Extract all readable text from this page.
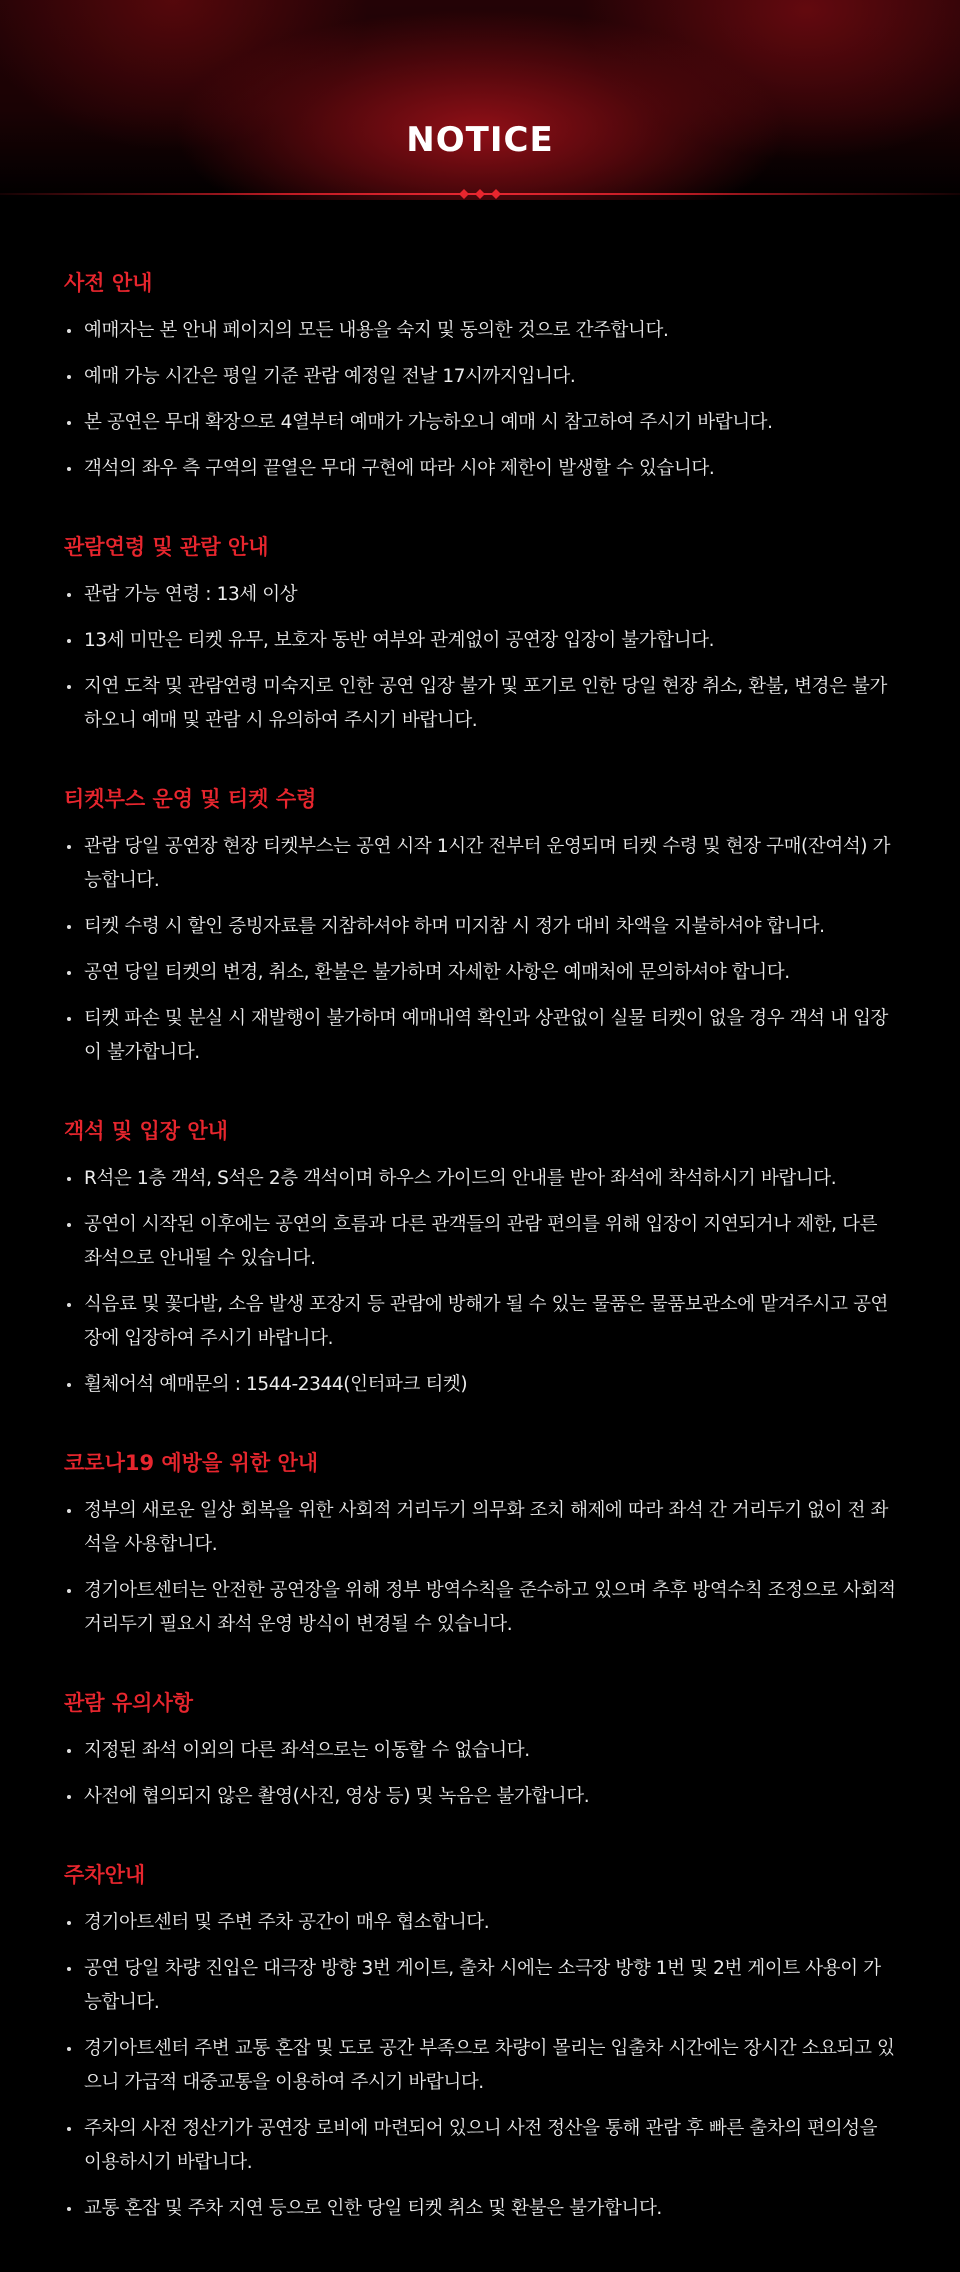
NOTICE
사전 안내
예매자는 본 안내 페이지의 모든 내용을 숙지 및 동의한 것으로 간주합니다.
예매 가능 시간은 평일 기준 관람 예정일 전날 17시까지입니다.
본 공연은 무대 확장으로 4열부터 예매가 가능하오니 예매 시 참고하여 주시기 바랍니다.
객석의 좌우 측 구역의 끝열은 무대 구현에 따라 시야 제한이 발생할 수 있습니다.
관람연령 및 관람 안내
관람 가능 연령 : 13세 이상
13세 미만은 티켓 유무, 보호자 동반 여부와 관계없이 공연장 입장이 불가합니다.
지연 도착 및 관람연령 미숙지로 인한 공연 입장 불가 및 포기로 인한 당일 현장 취소, 환불, 변경은 불가하오니 예매 및 관람 시 유의하여 주시기 바랍니다.
티켓부스 운영 및 티켓 수령
관람 당일 공연장 현장 티켓부스는 공연 시작 1시간 전부터 운영되며 티켓 수령 및 현장 구매(잔여석) 가능합니다.
티켓 수령 시 할인 증빙자료를 지참하셔야 하며 미지참 시 정가 대비 차액을 지불하셔야 합니다.
공연 당일 티켓의 변경, 취소, 환불은 불가하며 자세한 사항은 예매처에 문의하셔야 합니다.
티켓 파손 및 분실 시 재발행이 불가하며 예매내역 확인과 상관없이 실물 티켓이 없을 경우 객석 내 입장이 불가합니다.
객석 및 입장 안내
R석은 1층 객석, S석은 2층 객석이며 하우스 가이드의 안내를 받아 좌석에 착석하시기 바랍니다.
공연이 시작된 이후에는 공연의 흐름과 다른 관객들의 관람 편의를 위해 입장이 지연되거나 제한, 다른 좌석으로 안내될 수 있습니다.
식음료 및 꽃다발, 소음 발생 포장지 등 관람에 방해가 될 수 있는 물품은 물품보관소에 맡겨주시고 공연장에 입장하여 주시기 바랍니다.
휠체어석 예매문의 : 1544-2344(인터파크 티켓)
코로나19 예방을 위한 안내
정부의 새로운 일상 회복을 위한 사회적 거리두기 의무화 조치 해제에 따라 좌석 간 거리두기 없이 전 좌석을 사용합니다.
경기아트센터는 안전한 공연장을 위해 정부 방역수칙을 준수하고 있으며 추후 방역수칙 조정으로 사회적 거리두기 필요시 좌석 운영 방식이 변경될 수 있습니다.
관람 유의사항
지정된 좌석 이외의 다른 좌석으로는 이동할 수 없습니다.
사전에 협의되지 않은 촬영(사진, 영상 등) 및 녹음은 불가합니다.
주차안내
경기아트센터 및 주변 주차 공간이 매우 협소합니다.
공연 당일 차량 진입은 대극장 방향 3번 게이트, 출차 시에는 소극장 방향 1번 및 2번 게이트 사용이 가능합니다.
경기아트센터 주변 교통 혼잡 및 도로 공간 부족으로 차량이 몰리는 입출차 시간에는 장시간 소요되고 있으니 가급적 대중교통을 이용하여 주시기 바랍니다.
주차의 사전 정산기가 공연장 로비에 마련되어 있으니 사전 정산을 통해 관람 후 빠른 출차의 편의성을 이용하시기 바랍니다.
교통 혼잡 및 주차 지연 등으로 인한 당일 티켓 취소 및 환불은 불가합니다.
